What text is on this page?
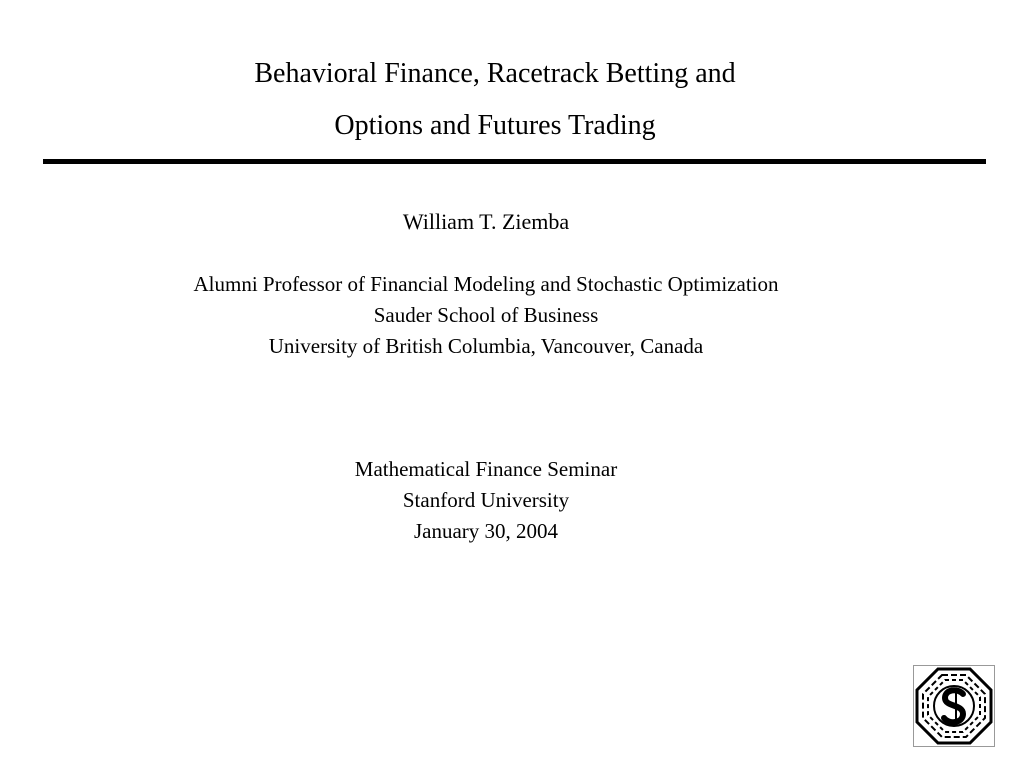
Behavioral Finance, Racetrack Betting and
Options and Futures Trading
William T. Ziemba
Alumni Professor of Financial Modeling and Stochastic Optimization
Sauder School of Business
University of British Columbia, Vancouver, Canada
Mathematical Finance Seminar
Stanford University
January 30, 2004
